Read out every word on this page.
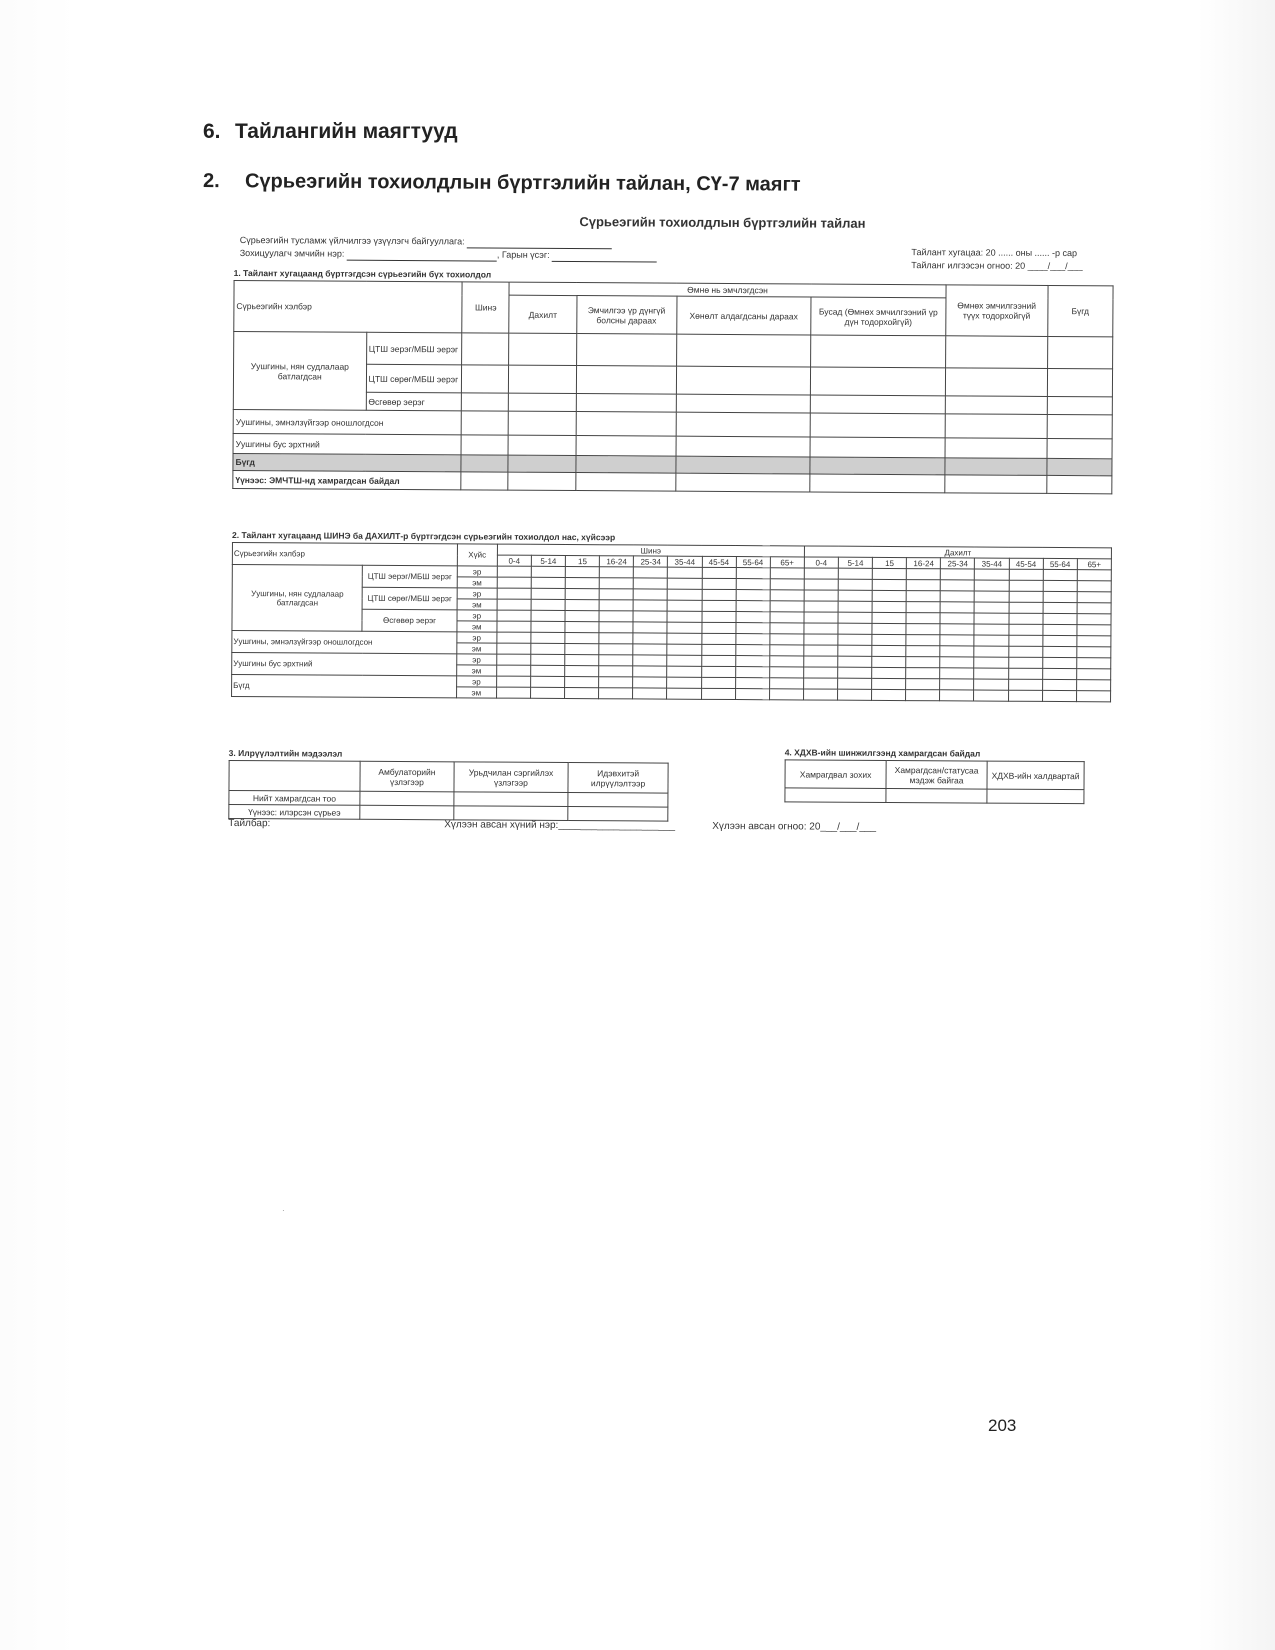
6. Тайлангийн маягтууд
2. Сүрьеэгийн тохиолдлын бүртгэлийн тайлан, СҮ-7 маягт
Сүрьеэгийн тохиолдлын бүртгэлийн тайлан
Сүрьеэгийн тусламж үйлчилгээ үзүүлэгч байгууллага:
Зохицуулагч эмчийн нэр:	, Гарын үсэг:	Тайлант хугацаа: 20 ...... оны ...... -р сар
Тайланг илгээсэн огноо: 20 ____/___/___
1. Тайлант хугацаанд бүртгэгдсэн сүрьеэгийн бүх тохиолдол
Сүрьеэгийн хэлбэр		Шинэ	Өмнө нь эмчлэгдсэн				Өмнөх эмчилгээний түүх тодорхойгүй	Бүгд
			Дахилт	Эмчилгээ үр дүнгүй болсны дараах	Хөнөлт алдагдсаны дараах	Бусад (Өмнөх эмчилгээний үр дүн тодорхойгүй)		
Уушгины, нян судлалаар батлагдсан	ЦТШ эерэг/МБШ эерэг							
	ЦТШ сөрөг/МБШ эерэг							
	Өсгөвөр эерэг							
Уушгины, эмнэлзүйгээр оношлогдсон								
Уушгины бус эрхтний								
Бүгд								
Үүнээс: ЭМЧТШ-нд хамрагдсан байдал								
2. Тайлант хугацаанд ШИНЭ ба ДАХИЛТ-р бүртгэгдсэн сүрьеэгийн тохиолдол нас, хүйсээр
Сүрьеэгийн хэлбэр		Хүйс	Шинэ									Дахилт								
			0-4	5-14	15	16-24	25-34	35-44	45-54	55-64	65+	0-4	5-14	15	16-24	25-34	35-44	45-54	55-64	65+
Уушгины, нян судлалаар батлагдсан	ЦТШ эерэг/МБШ эерэг	эр																		
		эм																		
	ЦТШ сөрөг/МБШ эерэг	эр																		
		эм																		
	Өсгөвөр эерэг	эр																		
		эм																		
Уушгины, эмнэлзүйгээр оношлогдсон		эр																		
		эм																		
Уушгины бус эрхтний		эр																		
		эм																		
Бүгд		эр																		
		эм																		
3. Илрүүлэлтийн мэдээлэл
	Амбулаторийн үзлэгээр	Урьдчилан сэргийлэх үзлэгээр	Идэвхитэй илрүүлэлтээр
Нийт хамрагдсан тоо			
Үүнээс: илэрсэн сүрьеэ			
4. ХДХВ-ийн шинжилгээнд хамрагдсан байдал
Хамрагдвал зохих	Хамрагдсан/статусаа мэдэж байгаа	ХДХВ-ийн халдвартай

Тайлбар:	Хүлээн авсан хүний нэр:_____________________	Хүлээн авсан огноо: 20___/___/___
·
203
